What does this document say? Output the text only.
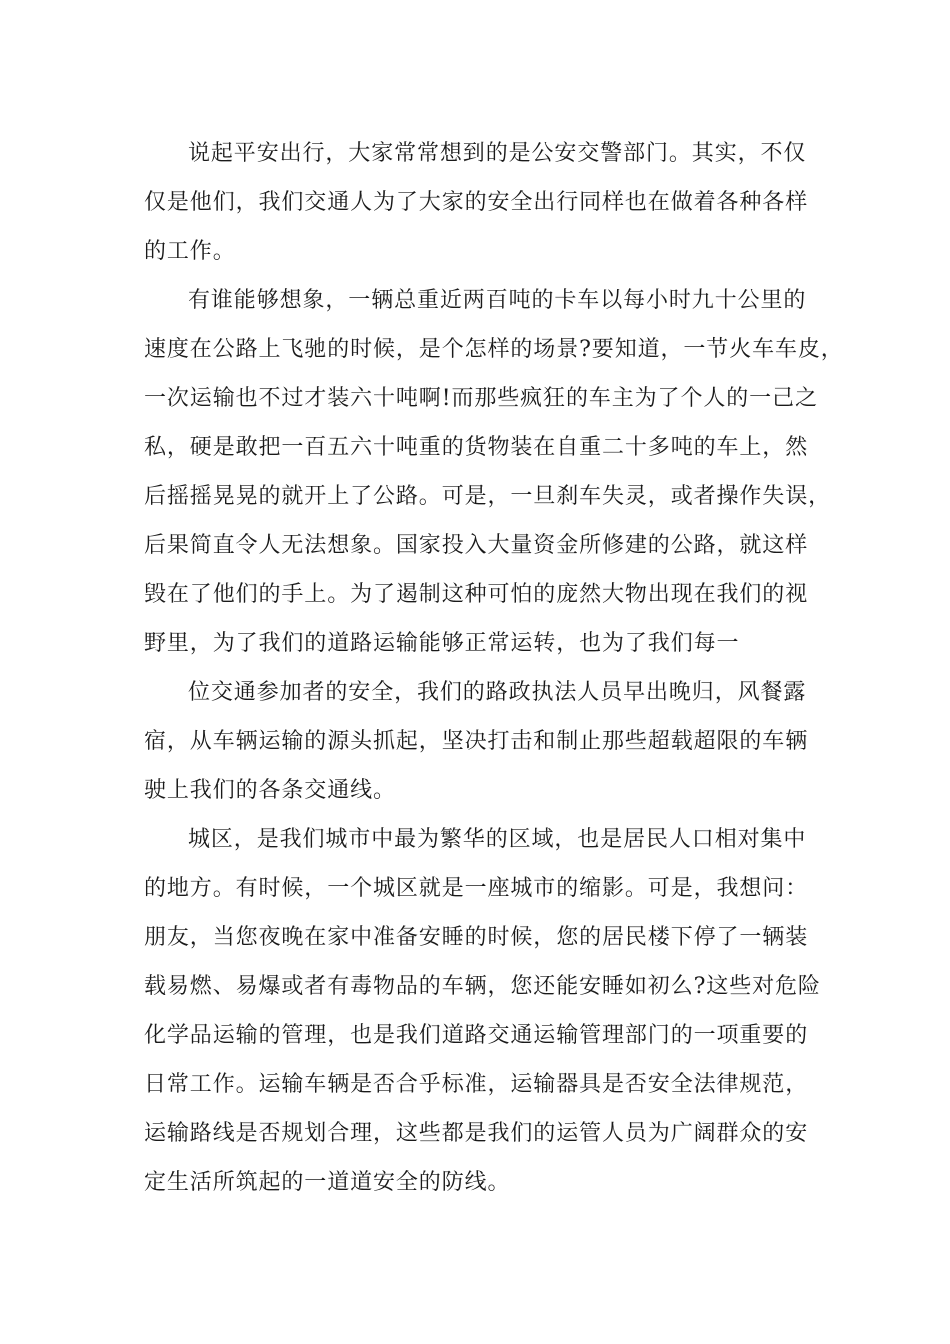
说起平安出行，大家常常想到的是公安交警部门。其实，不仅
仅是他们，我们交通人为了大家的安全出行同样也在做着各种各样
的工作。
有谁能够想象，一辆总重近两百吨的卡车以每小时九十公里的
速度在公路上飞驰的时候，是个怎样的场景?要知道，一节火车车皮，
一次运输也不过才装六十吨啊!而那些疯狂的车主为了个人的一己之
私，硬是敢把一百五六十吨重的货物装在自重二十多吨的车上，然
后摇摇晃晃的就开上了公路。可是，一旦刹车失灵，或者操作失误，
后果简直令人无法想象。国家投入大量资金所修建的公路，就这样
毁在了他们的手上。为了遏制这种可怕的庞然大物出现在我们的视
野里，为了我们的道路运输能够正常运转，也为了我们每一
位交通参加者的安全，我们的路政执法人员早出晚归，风餐露
宿，从车辆运输的源头抓起，坚决打击和制止那些超载超限的车辆
驶上我们的各条交通线。
城区，是我们城市中最为繁华的区域，也是居民人口相对集中
的地方。有时候，一个城区就是一座城市的缩影。可是，我想问：
朋友，当您夜晚在家中准备安睡的时候，您的居民楼下停了一辆装
载易燃、易爆或者有毒物品的车辆，您还能安睡如初么?这些对危险
化学品运输的管理，也是我们道路交通运输管理部门的一项重要的
日常工作。运输车辆是否合乎标准，运输器具是否安全法律规范，
运输路线是否规划合理，这些都是我们的运管人员为广阔群众的安
定生活所筑起的一道道安全的防线。
